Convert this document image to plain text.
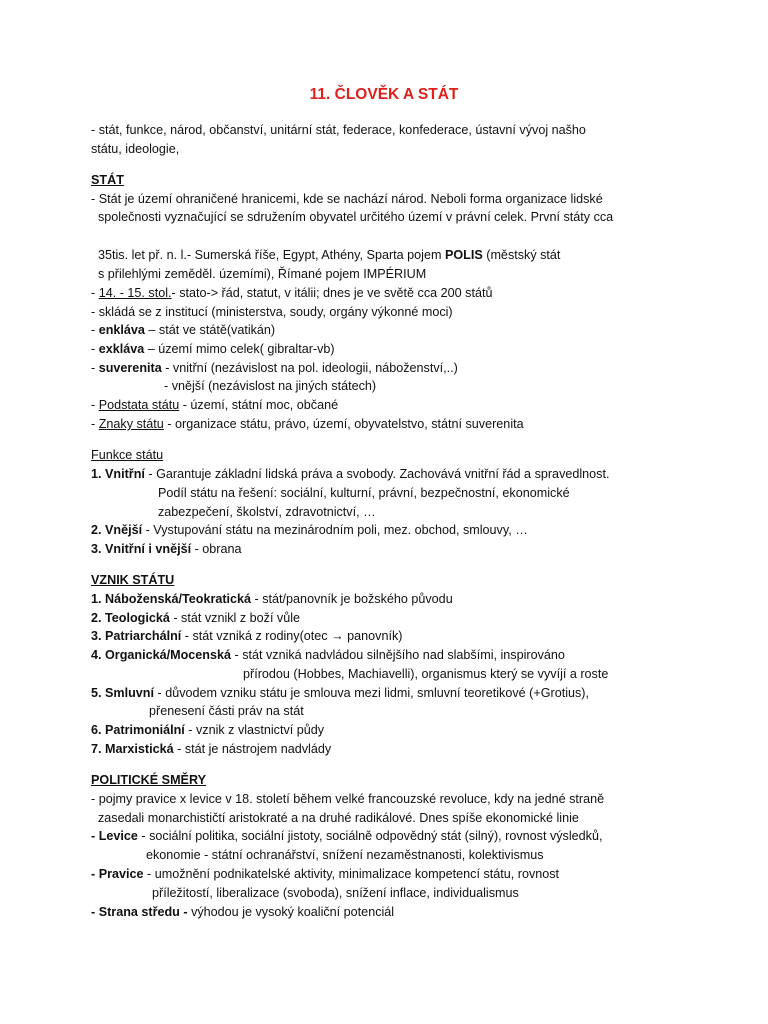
11. ČLOVĚK A STÁT
- stát, funkce, národ, občanství, unitární stát, federace, konfederace, ústavní vývoj našho
státu, ideologie,
STÁT
- Stát je území ohraničené hranicemi, kde se nachází národ. Neboli forma organizace lidské
společnosti vyznačující se sdružením obyvatel určitého území v právní celek. První státy cca
35tis. let př. n. l.- Sumerská říše, Egypt, Athény, Sparta pojem POLIS (městský stát
s přilehlými zeměděl. územími), Římané pojem IMPÉRIUM
- 14. - 15. stol.- stato-> řád, statut, v itálii; dnes je ve světě cca 200 států
- skládá se z institucí (ministerstva, soudy, orgány výkonné moci)
- enkláva – stát ve státě(vatikán)
- exkláva – území mimo celek( gibraltar-vb)
- suverenita - vnitřní (nezávislost na pol. ideologii, náboženství,..)
- vnější (nezávislost na jiných státech)
- Podstata státu - území, státní moc, občané
- Znaky státu - organizace státu, právo, území, obyvatelstvo, státní suverenita
Funkce státu
1. Vnitřní - Garantuje základní lidská práva a svobody. Zachovává vnitřní řád a spravedlnost.
Podíl státu na řešení: sociální, kulturní, právní, bezpečnostní, ekonomické
zabezpečení, školství, zdravotnictví, …
2. Vnější - Vystupování státu na mezinárodním poli, mez. obchod, smlouvy, …
3. Vnitřní i vnější - obrana
VZNIK STÁTU
1. Náboženská/Teokratická - stát/panovník je božského původu
2. Teologická - stát vznikl z boží vůle
3. Patriarchální - stát vzniká z rodiny(otec → panovník)
4. Organická/Mocenská - stát vzniká nadvládou silnějšího nad slabšími, inspirováno
přírodou (Hobbes, Machiavelli), organismus který se vyvíjí a roste
5. Smluvní - důvodem vzniku státu je smlouva mezi lidmi, smluvní teoretikové (+Grotius),
přenesení části práv na stát
6. Patrimoniální - vznik z vlastnictví půdy
7. Marxistická - stát je nástrojem nadvlády
POLITICKÉ SMĚRY
- pojmy pravice x levice v 18. století během velké francouzské revoluce, kdy na jedné straně
zasedali monarchističtí aristokraté a na druhé radikálové. Dnes spíše ekonomické linie
- Levice - sociální politika, sociální jistoty, sociálně odpovědný stát (silný), rovnost výsledků,
ekonomie - státní ochranářství, snížení nezaměstnanosti, kolektivismus
- Pravice - umožnění podnikatelské aktivity, minimalizace kompetencí státu, rovnost
příležitostí, liberalizace (svoboda), snížení inflace, individualismus
- Strana středu - výhodou je vysoký koaliční potenciál
